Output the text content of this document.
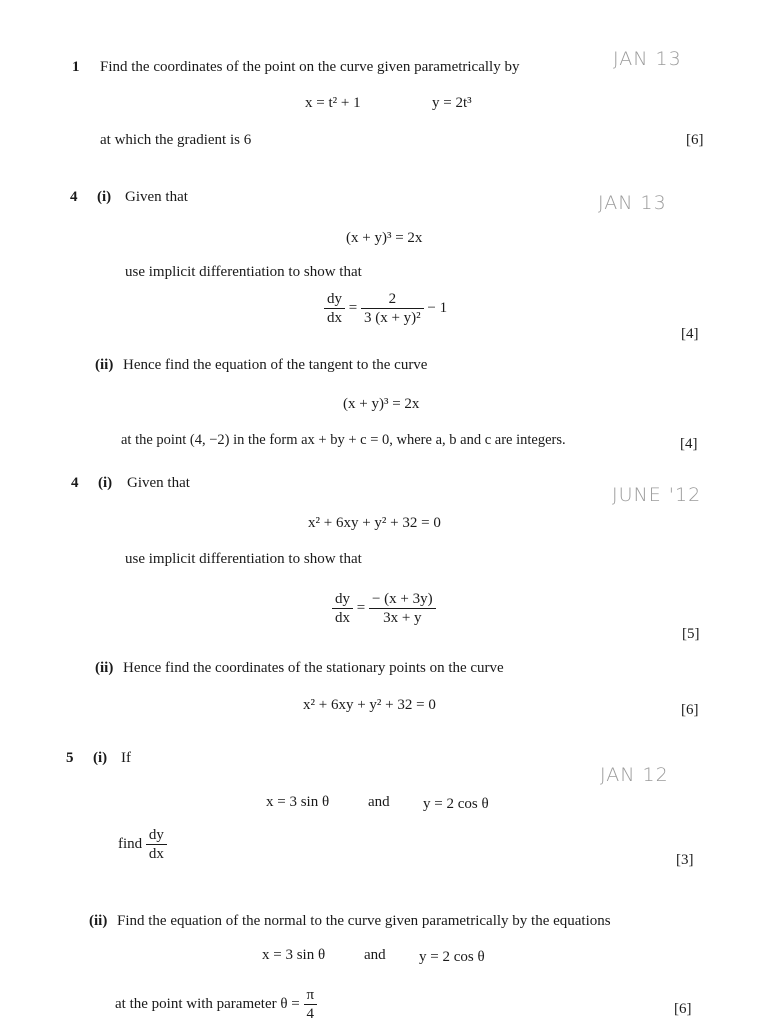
1 Find the coordinates of the point on the curve given parametrically by	JAN 13
x = t² + 1	y = 2t³
at which the gradient is 6	[6]
4 (i) Given that	JAN 13
(x + y)³ = 2x
use implicit differentiation to show that
$\frac{dy}{dx} = \frac{2}{\text{3 (x + y)²}} - 1$
[4]
(ii) Hence find the equation of the tangent to the curve
(x + y)³ = 2x
at the point (4, −2) in the form ax + by + c = 0, where a, b and c are integers.	[4]
4 (i) Given that
JUNE '12
x² + 6xy + y² + 32 = 0
use implicit differentiation to show that
$\frac{dy}{dx} = \frac{- (x + 3y)}{3x + y}$
[5]
(ii) Hence find the coordinates of the stationary points on the curve
x² + 6xy + y² + 32 = 0	[6]
5 (i) If
JAN 12
x = 3 sin θ	and y = 2 cos θ
find $\frac{dy}{dx}$	[3]
(ii) Find the equation of the normal to the curve given parametrically by the equations
x = 3 sin θ	and y = 2 cos θ
at the point with parameter $\theta = \frac{\pi}{4}$	[6]
